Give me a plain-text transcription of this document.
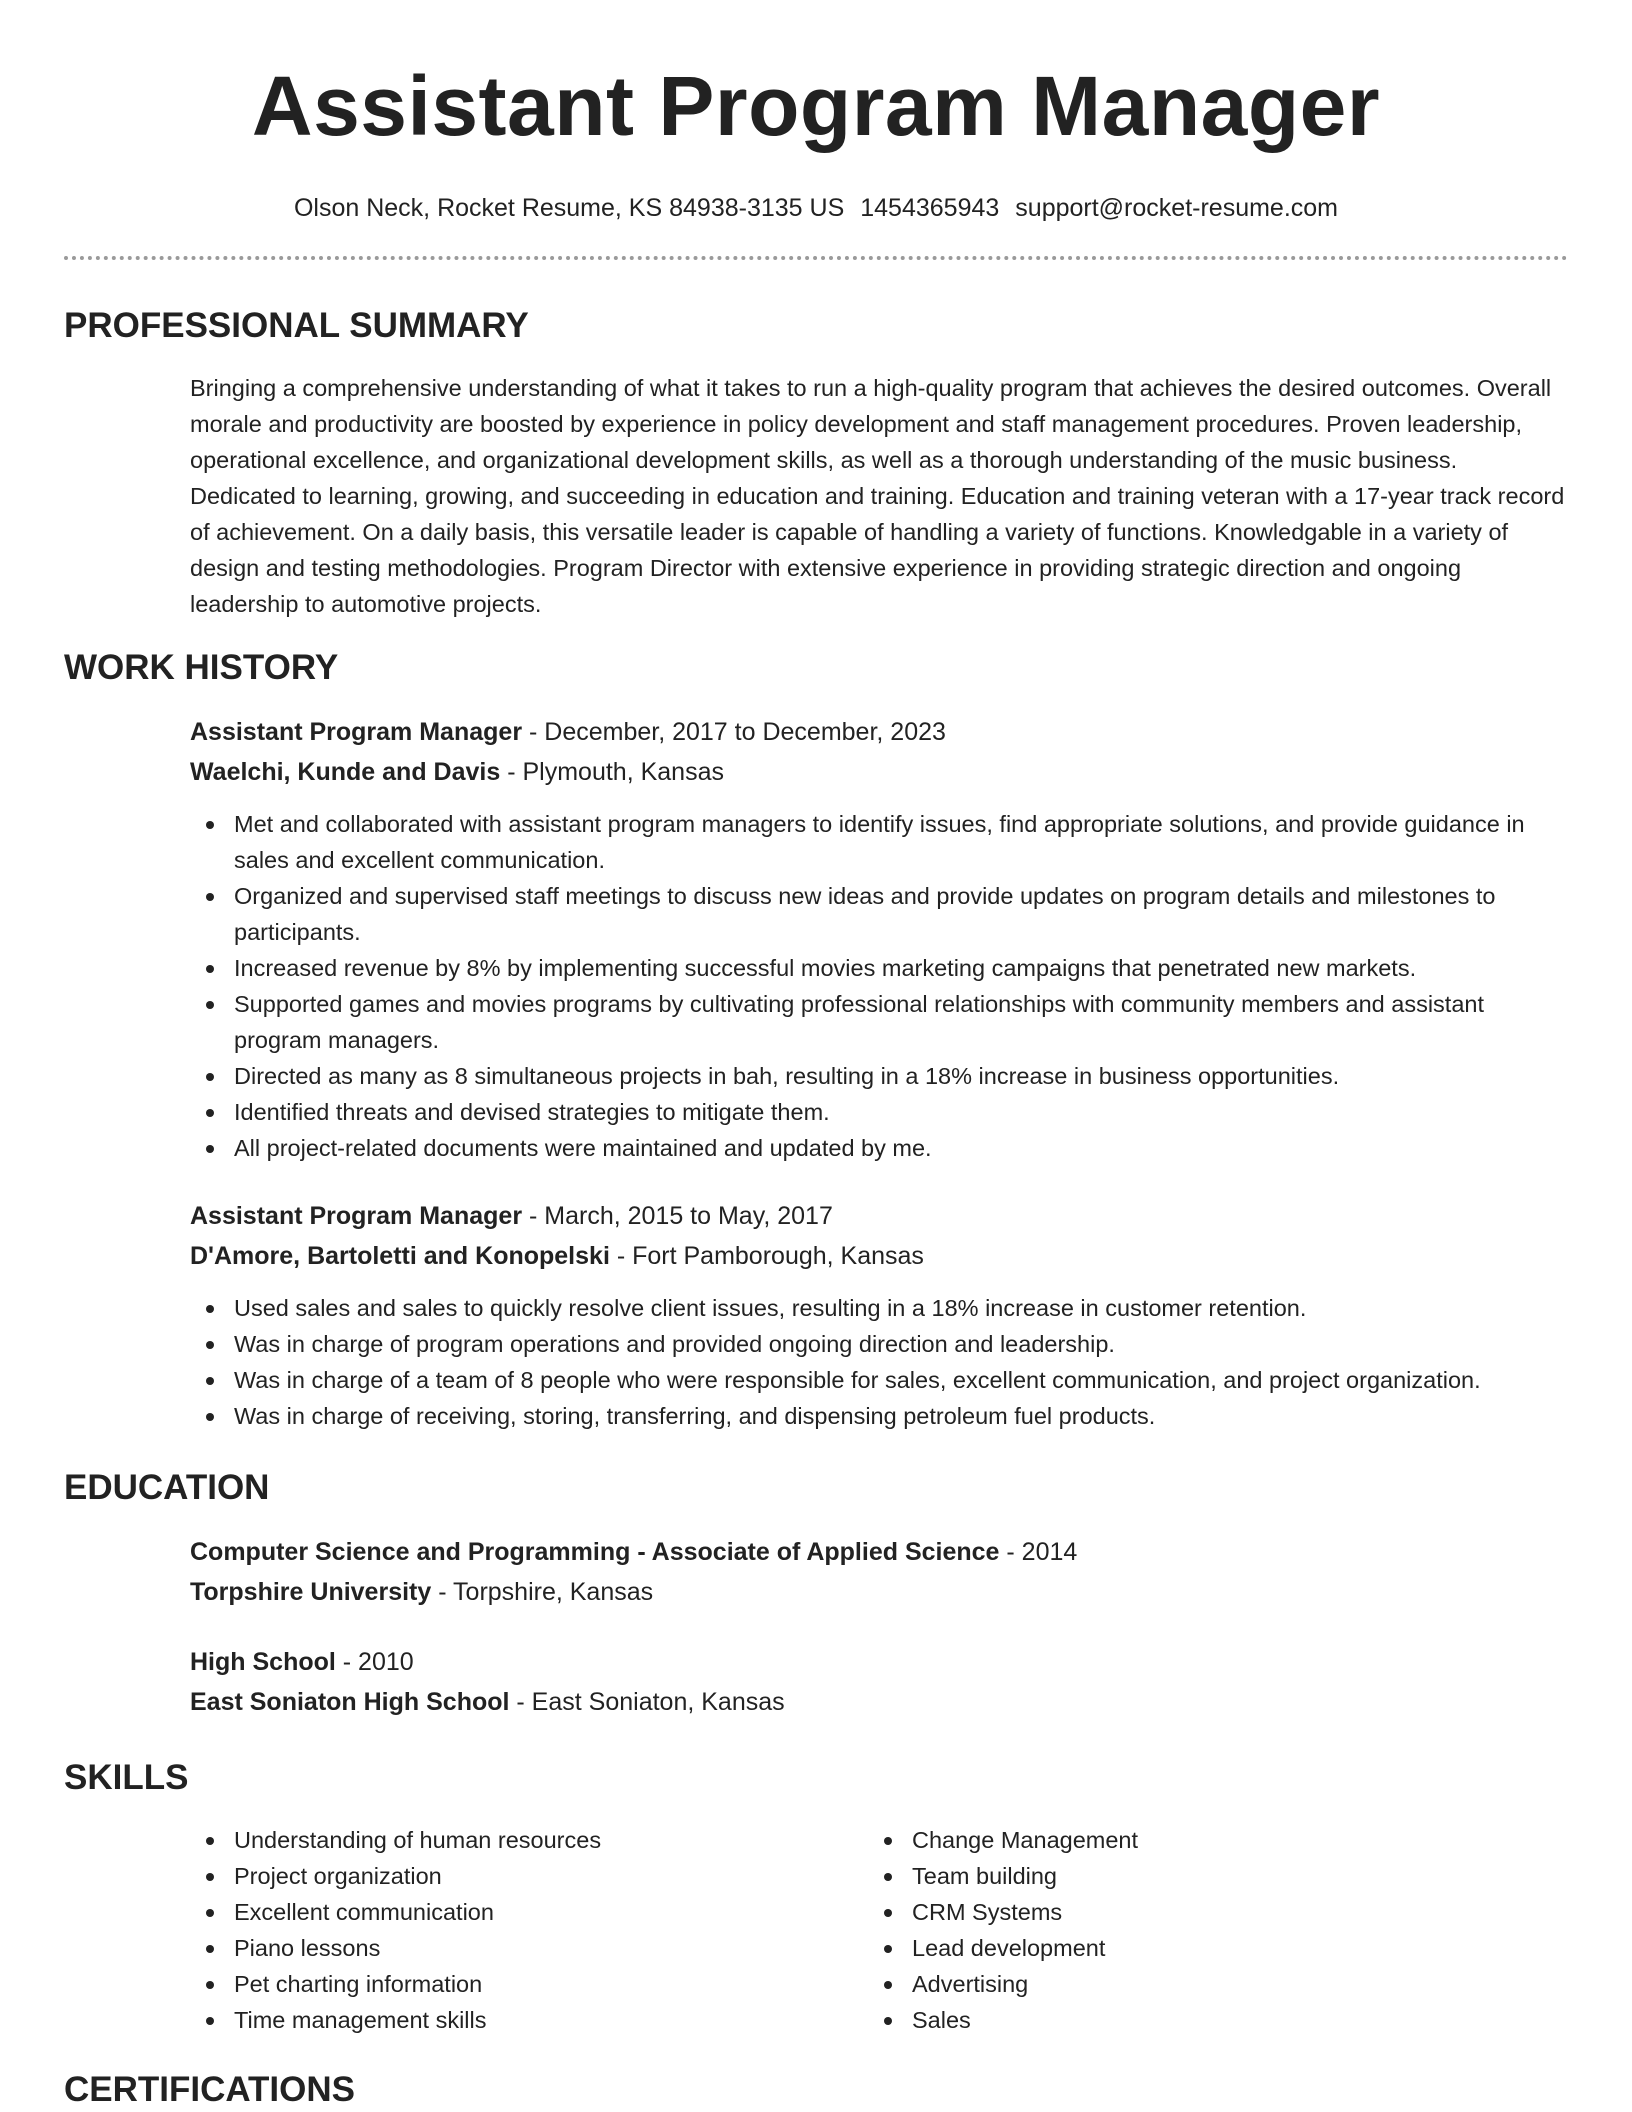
Assistant Program Manager
Olson Neck, Rocket Resume, KS 84938-3135 US 1454365943 support@rocket-resume.com
PROFESSIONAL SUMMARY

Bringing a comprehensive understanding of what it takes to run a high-quality program that achieves the desired outcomes. Overall morale and productivity are boosted by experience in policy development and staff management procedures. Proven leadership, operational excellence, and organizational development skills, as well as a thorough understanding of the music business. Dedicated to learning, growing, and succeeding in education and training. Education and training veteran with a 17-year track record of achievement. On a daily basis, this versatile leader is capable of handling a variety of functions. Knowledgable in a variety of design and testing methodologies. Program Director with extensive experience in providing strategic direction and ongoing leadership to automotive projects.

WORK HISTORY
Assistant Program Manager - December, 2017 to December, 2023
Waelchi, Kunde and Davis - Plymouth, Kansas
Met and collaborated with assistant program managers to identify issues, find appropriate solutions, and provide guidance in sales and excellent communication.
Organized and supervised staff meetings to discuss new ideas and provide updates on program details and milestones to participants.
Increased revenue by 8% by implementing successful movies marketing campaigns that penetrated new markets.
Supported games and movies programs by cultivating professional relationships with community members and assistant program managers.
Directed as many as 8 simultaneous projects in bah, resulting in a 18% increase in business opportunities.
Identified threats and devised strategies to mitigate them.
All project-related documents were maintained and updated by me.
Assistant Program Manager - March, 2015 to May, 2017
D'Amore, Bartoletti and Konopelski - Fort Pamborough, Kansas
Used sales and sales to quickly resolve client issues, resulting in a 18% increase in customer retention.
Was in charge of program operations and provided ongoing direction and leadership.
Was in charge of a team of 8 people who were responsible for sales, excellent communication, and project organization.
Was in charge of receiving, storing, transferring, and dispensing petroleum fuel products.
EDUCATION
Computer Science and Programming - Associate of Applied Science - 2014
Torpshire University - Torpshire, Kansas
High School - 2010
East Soniaton High School - East Soniaton, Kansas
SKILLS
Understanding of human resources
Project organization
Excellent communication
Piano lessons
Pet charting information
Time management skills
Change Management
Team building
CRM Systems
Lead development
Advertising
Sales
CERTIFICATIONS
